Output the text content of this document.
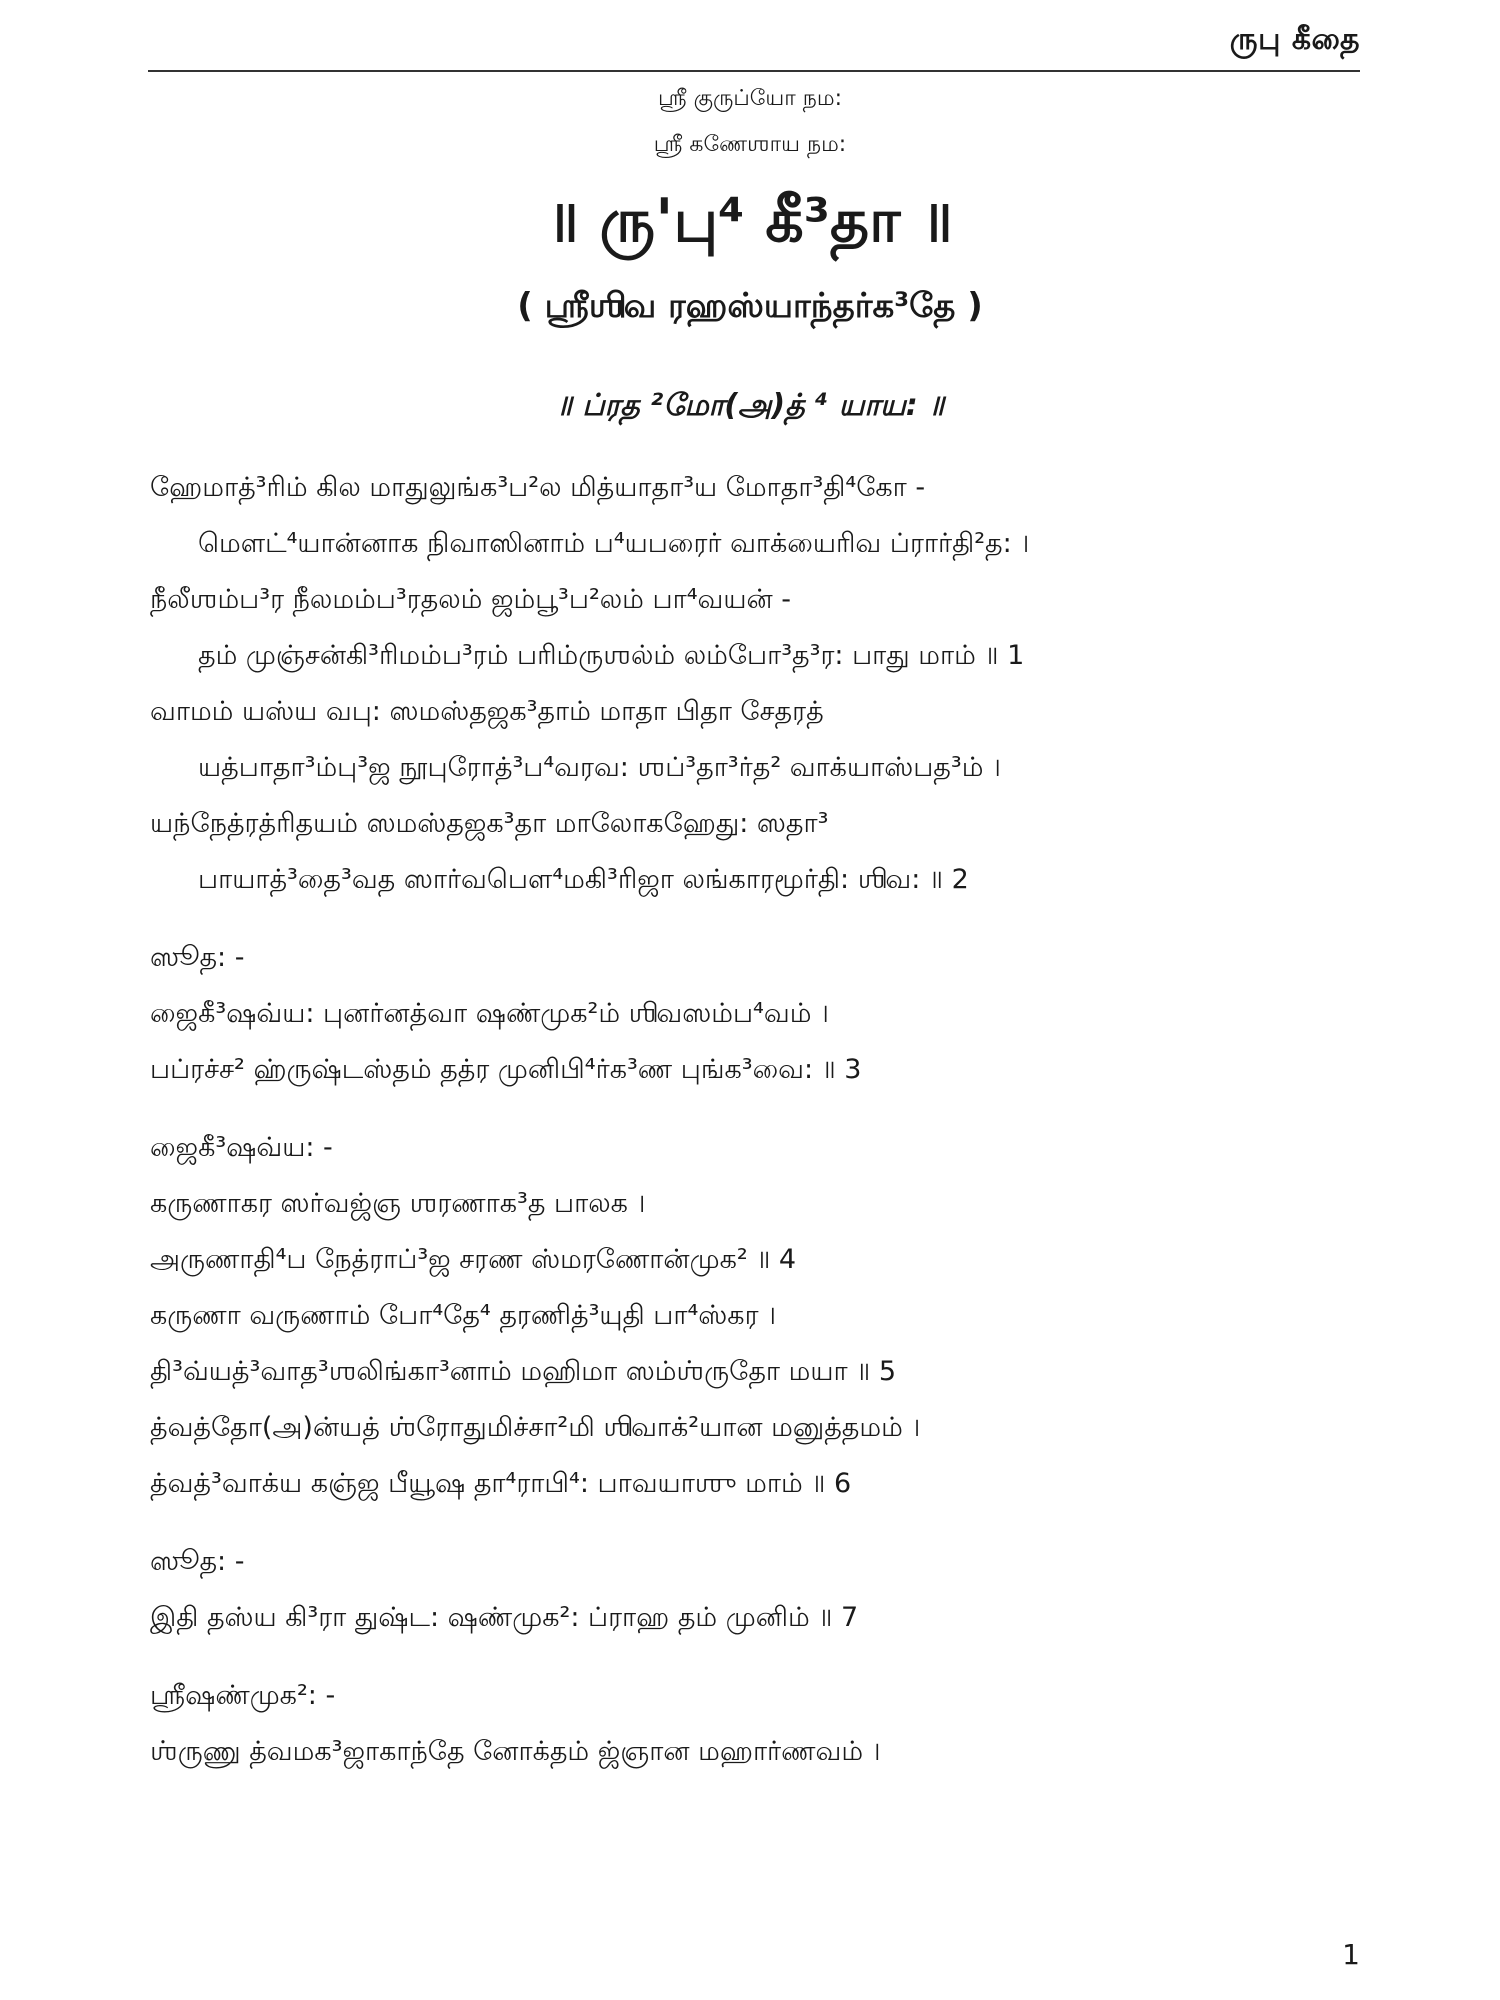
ருபு கீதை
ஸ்ரீ குருப்யோ நம:
ஸ்ரீ கணேஶாய நம:
॥ ரு'பு⁴ கீ³தா ॥
( ஸ்ரீஶிவ ரஹஸ்யாந்தர்க³தே )
॥ ப்ரத ²மோ(அ)த் ⁴ யாய: ॥
ஹேமாத்³ரிம் கில மாதுலுங்க³ப²ல மித்யாதா³ய மோதா³தி⁴கோ -
மௌட்⁴யான்னாக நிவாஸினாம் ப⁴யபரைர் வாக்யைரிவ ப்ரார்தி²த: ।
நீலீஶம்ப³ர நீலமம்ப³ரதலம் ஜம்பூ³ப²லம் பா⁴வயன் -
தம் முஞ்சன்கி³ரிமம்ப³ரம் பரிம்ருஶல்ம் லம்போ³த³ர: பாது மாம் ॥ 1
வாமம் யஸ்ய வபு: ஸமஸ்தஜக³தாம் மாதா பிதா சேதரத்
யத்பாதா³ம்பு³ஜ நூபுரோத்³ப⁴வரவ: ஶப்³தா³ர்த² வாக்யாஸ்பத³ம் ।
யந்நேத்ரத்ரிதயம் ஸமஸ்தஜக³தா மாலோகஹேது: ஸதா³
பாயாத்³தை³வத ஸார்வபௌ⁴மகி³ரிஜா லங்காரமூர்தி: ஶிவ: ॥ 2
ஸூத: -
ஜைகீ³ஷவ்ய: புனர்னத்வா ஷண்முக²ம் ஶிவஸம்ப⁴வம் ।
பப்ரச்ச² ஹ்ருஷ்டஸ்தம் தத்ர முனிபி⁴ர்க³ண புங்க³வை: ॥ 3
ஜைகீ³ஷவ்ய: -
கருணாகர ஸர்வஜ்ஞ ஶரணாக³த பாலக ।
அருணாதி⁴ப நேத்ராப்³ஜ சரண ஸ்மரணோன்முக² ॥ 4
கருணா வருணாம் போ⁴தே⁴ தரணித்³யுதி பா⁴ஸ்கர ।
தி³வ்யத்³வாத³ஶலிங்கா³னாம் மஹிமா ஸம்ஶ்ருதோ மயா ॥ 5
த்வத்தோ(அ)ன்யத் ஶ்ரோதுமிச்சா²மி ஶிவாக்²யான மனுத்தமம் ।
த்வத்³வாக்ய கஞ்ஜ பீயூஷ தா⁴ராபி⁴: பாவயாஶு மாம் ॥ 6
ஸூத: -
இதி தஸ்ய கி³ரா துஷ்ட: ஷண்முக²: ப்ராஹ தம் முனிம் ॥ 7
ஸ்ரீஷண்முக²: -
ஶ்ருணு த்வமக³ஜாகாந்தே னோக்தம் ஜ்ஞான மஹார்ணவம் ।
1
